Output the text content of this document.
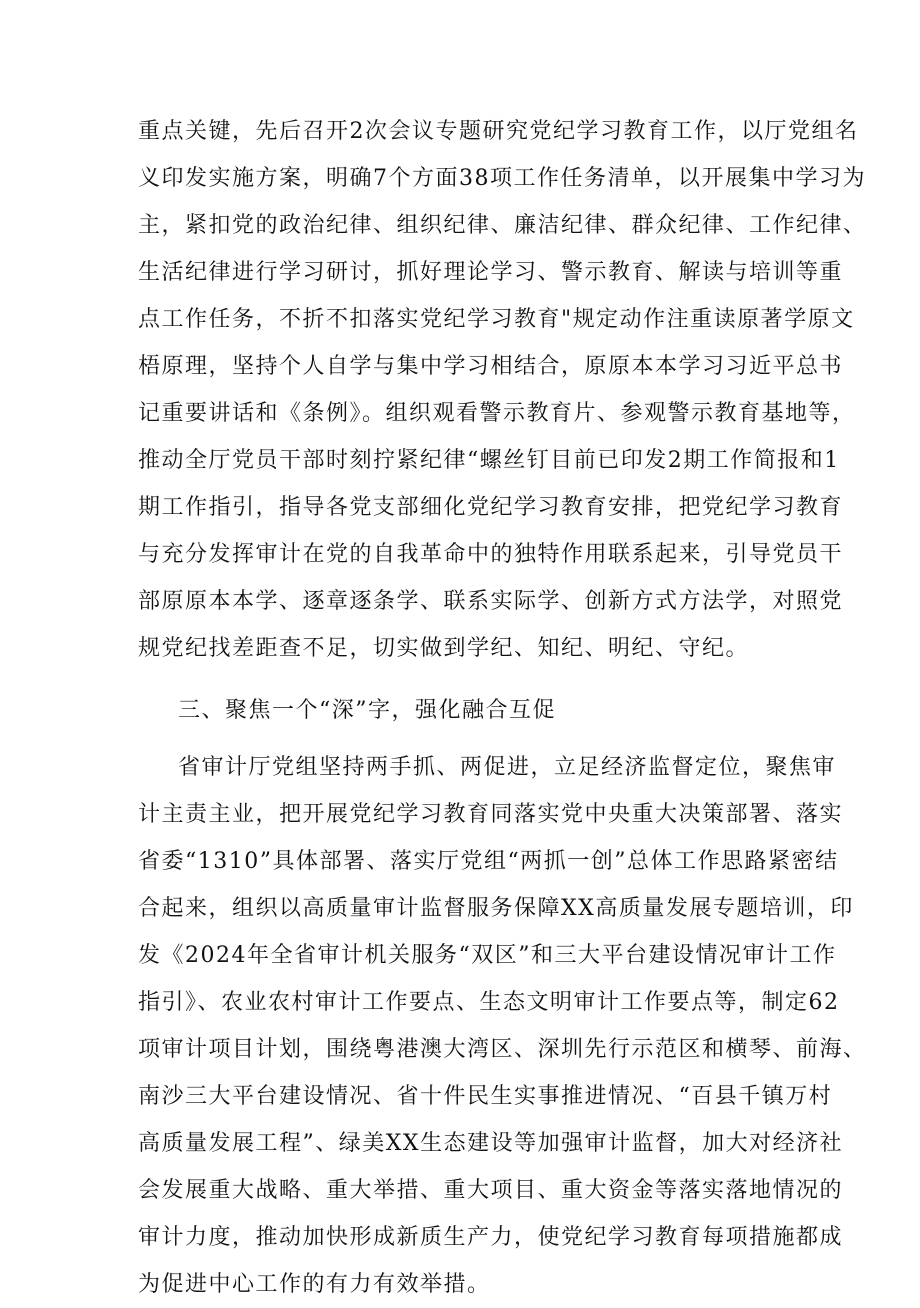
重点关键，先后召开2次会议专题研究党纪学习教育工作，以厅党组名
义印发实施方案，明确7个方面38项工作任务清单，以开展集中学习为
主，紧扣党的政治纪律、组织纪律、廉洁纪律、群众纪律、工作纪律、
生活纪律进行学习研讨，抓好理论学习、警示教育、解读与培训等重
点工作任务，不折不扣落实党纪学习教育"规定动作注重读原著学原文
梧原理，坚持个人自学与集中学习相结合，原原本本学习习近平总书
记重要讲话和《条例》。组织观看警示教育片、参观警示教育基地等，
推动全厅党员干部时刻拧紧纪律“螺丝钉目前已印发2期工作简报和1
期工作指引，指导各党支部细化党纪学习教育安排，把党纪学习教育
与充分发挥审计在党的自我革命中的独特作用联系起来，引导党员干
部原原本本学、逐章逐条学、联系实际学、创新方式方法学，对照党
规党纪找差距查不足，切实做到学纪、知纪、明纪、守纪。
三、聚焦一个“深”字，强化融合互促
省审计厅党组坚持两手抓、两促进，立足经济监督定位，聚焦审
计主责主业，把开展党纪学习教育同落实党中央重大决策部署、落实
省委“1310”具体部署、落实厅党组“两抓一创”总体工作思路紧密结
合起来，组织以高质量审计监督服务保障XX高质量发展专题培训，印
发《2024年全省审计机关服务“双区”和三大平台建设情况审计工作
指引》、农业农村审计工作要点、生态文明审计工作要点等，制定62
项审计项目计划，围绕粤港澳大湾区、深圳先行示范区和横琴、前海、
南沙三大平台建设情况、省十件民生实事推进情况、“百县千镇万村
高质量发展工程”、绿美XX生态建设等加强审计监督，加大对经济社
会发展重大战略、重大举措、重大项目、重大资金等落实落地情况的
审计力度，推动加快形成新质生产力，使党纪学习教育每项措施都成
为促进中心工作的有力有效举措。
